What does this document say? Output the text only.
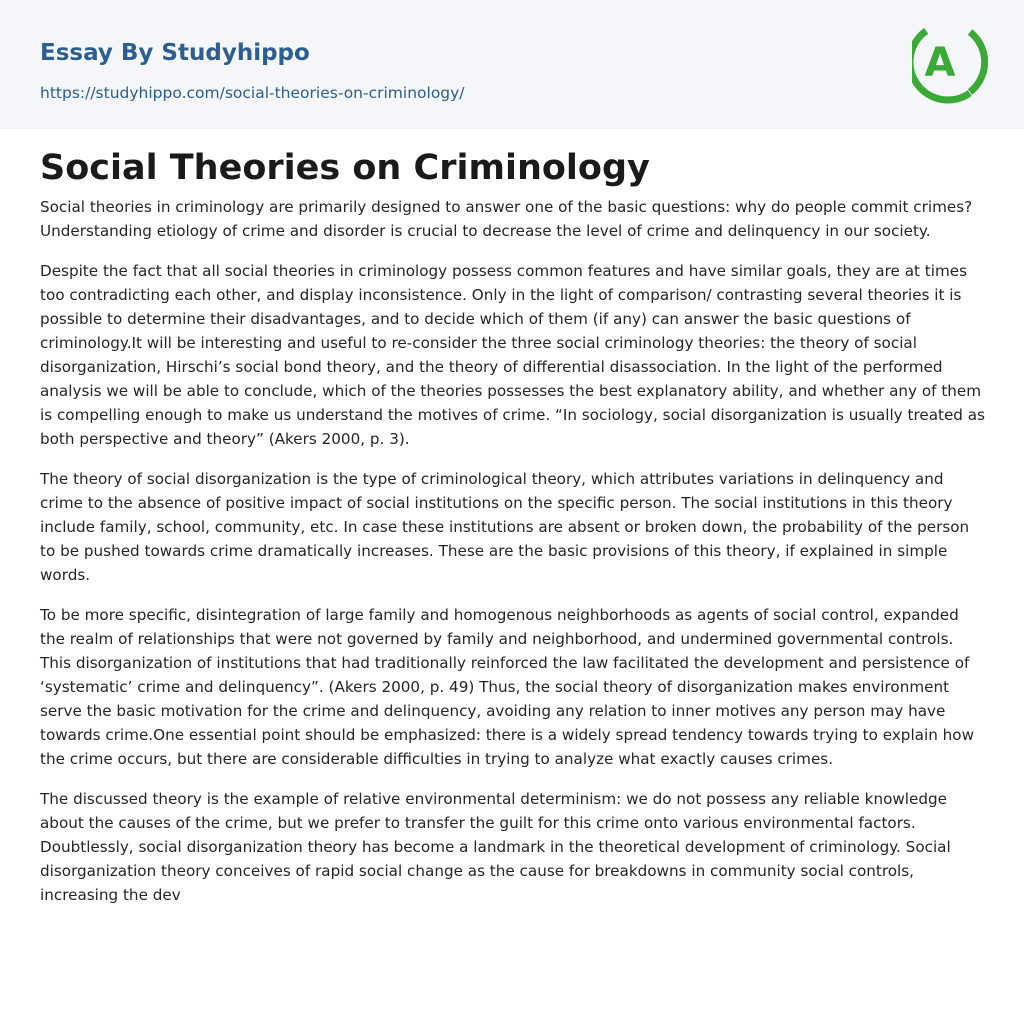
Essay By Studyhippo
https://studyhippo.com/social-theories-on-criminology/
A
Social Theories on Criminology

Social theories in criminology are primarily designed to answer one of the basic questions: why do people commit crimes? Understanding etiology of crime and disorder is crucial to decrease the level of crime and delinquency in our society.

Despite the fact that all social theories in criminology possess common features and have similar goals, they are at times too contradicting each other, and display inconsistence. Only in the light of comparison/ contrasting several theories it is possible to determine their disadvantages, and to decide which of them (if any) can answer the basic questions of criminology.It will be interesting and useful to re-consider the three social criminology theories: the theory of social disorganization, Hirschi’s social bond theory, and the theory of differential disassociation. In the light of the performed analysis we will be able to conclude, which of the theories possesses the best explanatory ability, and whether any of them is compelling enough to make us understand the motives of crime. “In sociology, social disorganization is usually treated as both perspective and theory” (Akers 2000, p. 3).

The theory of social disorganization is the type of criminological theory, which attributes variations in delinquency and crime to the absence of positive impact of social institutions on the specific person. The social institutions in this theory include family, school, community, etc. In case these institutions are absent or broken down, the probability of the person to be pushed towards crime dramatically increases. These are the basic provisions of this theory, if explained in simple words.

To be more specific, disintegration of large family and homogenous neighborhoods as agents of social control, expanded the realm of relationships that were not governed by family and neighborhood, and undermined governmental controls. This disorganization of institutions that had traditionally reinforced the law facilitated the development and persistence of ‘systematic’ crime and delinquency”. (Akers 2000, p. 49) Thus, the social theory of disorganization makes environment serve the basic motivation for the crime and delinquency, avoiding any relation to inner motives any person may have towards crime.One essential point should be emphasized: there is a widely spread tendency towards trying to explain how the crime occurs, but there are considerable difficulties in trying to analyze what exactly causes crimes.

The discussed theory is the example of relative environmental determinism: we do not possess any reliable knowledge about the causes of the crime, but we prefer to transfer the guilt for this crime onto various environmental factors. Doubtlessly, social disorganization theory has become a landmark in the theoretical development of criminology. Social disorganization theory conceives of rapid social change as the cause for breakdowns in community social controls, increasing the dev
